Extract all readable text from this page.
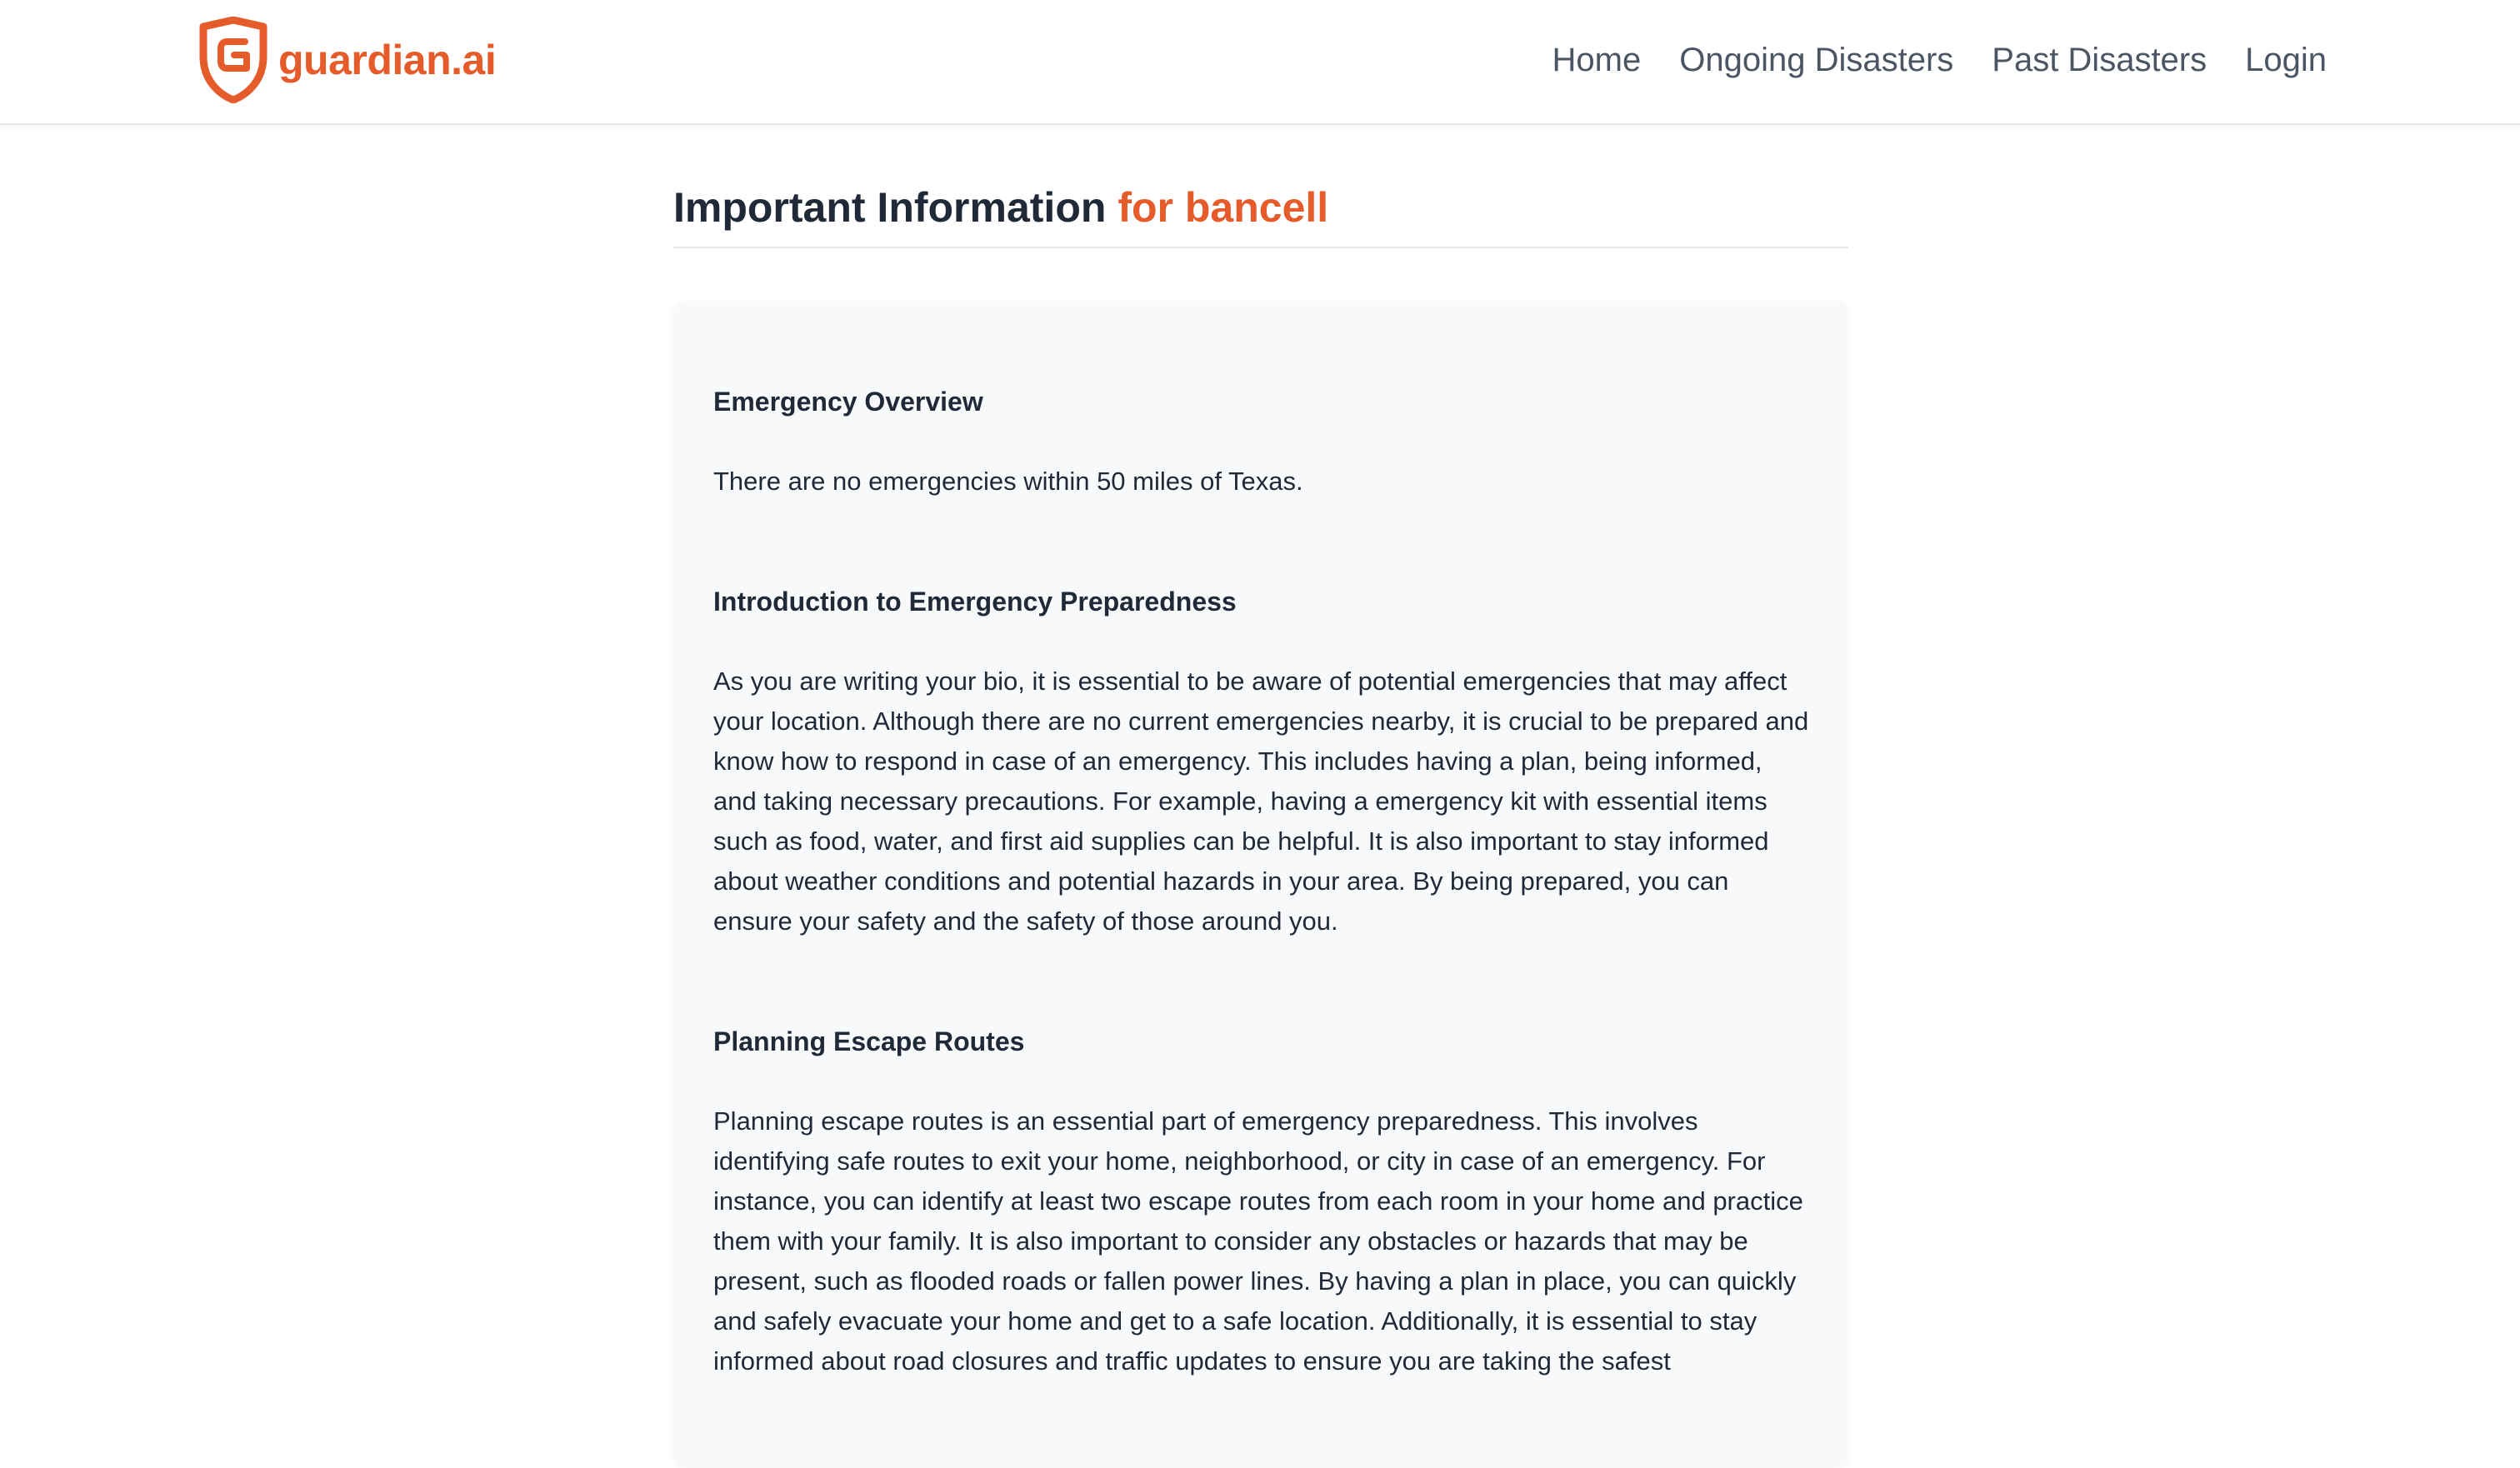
guardian.ai	Home Ongoing Disasters Past Disasters Login
Important Information for bancell
Emergency Overview

There are no emergencies within 50 miles of Texas.

Introduction to Emergency Preparedness

As you are writing your bio, it is essential to be aware of potential emergencies that may affect your location. Although there are no current emergencies nearby, it is crucial to be prepared and know how to respond in case of an emergency. This includes having a plan, being informed, and taking necessary precautions. For example, having a emergency kit with essential items such as food, water, and first aid supplies can be helpful. It is also important to stay informed about weather conditions and potential hazards in your area. By being prepared, you can ensure your safety and the safety of those around you.

Planning Escape Routes

Planning escape routes is an essential part of emergency preparedness. This involves identifying safe routes to exit your home, neighborhood, or city in case of an emergency. For instance, you can identify at least two escape routes from each room in your home and practice them with your family. It is also important to consider any obstacles or hazards that may be present, such as flooded roads or fallen power lines. By having a plan in place, you can quickly and safely evacuate your home and get to a safe location. Additionally, it is essential to stay informed about road closures and traffic updates to ensure you are taking the safest
